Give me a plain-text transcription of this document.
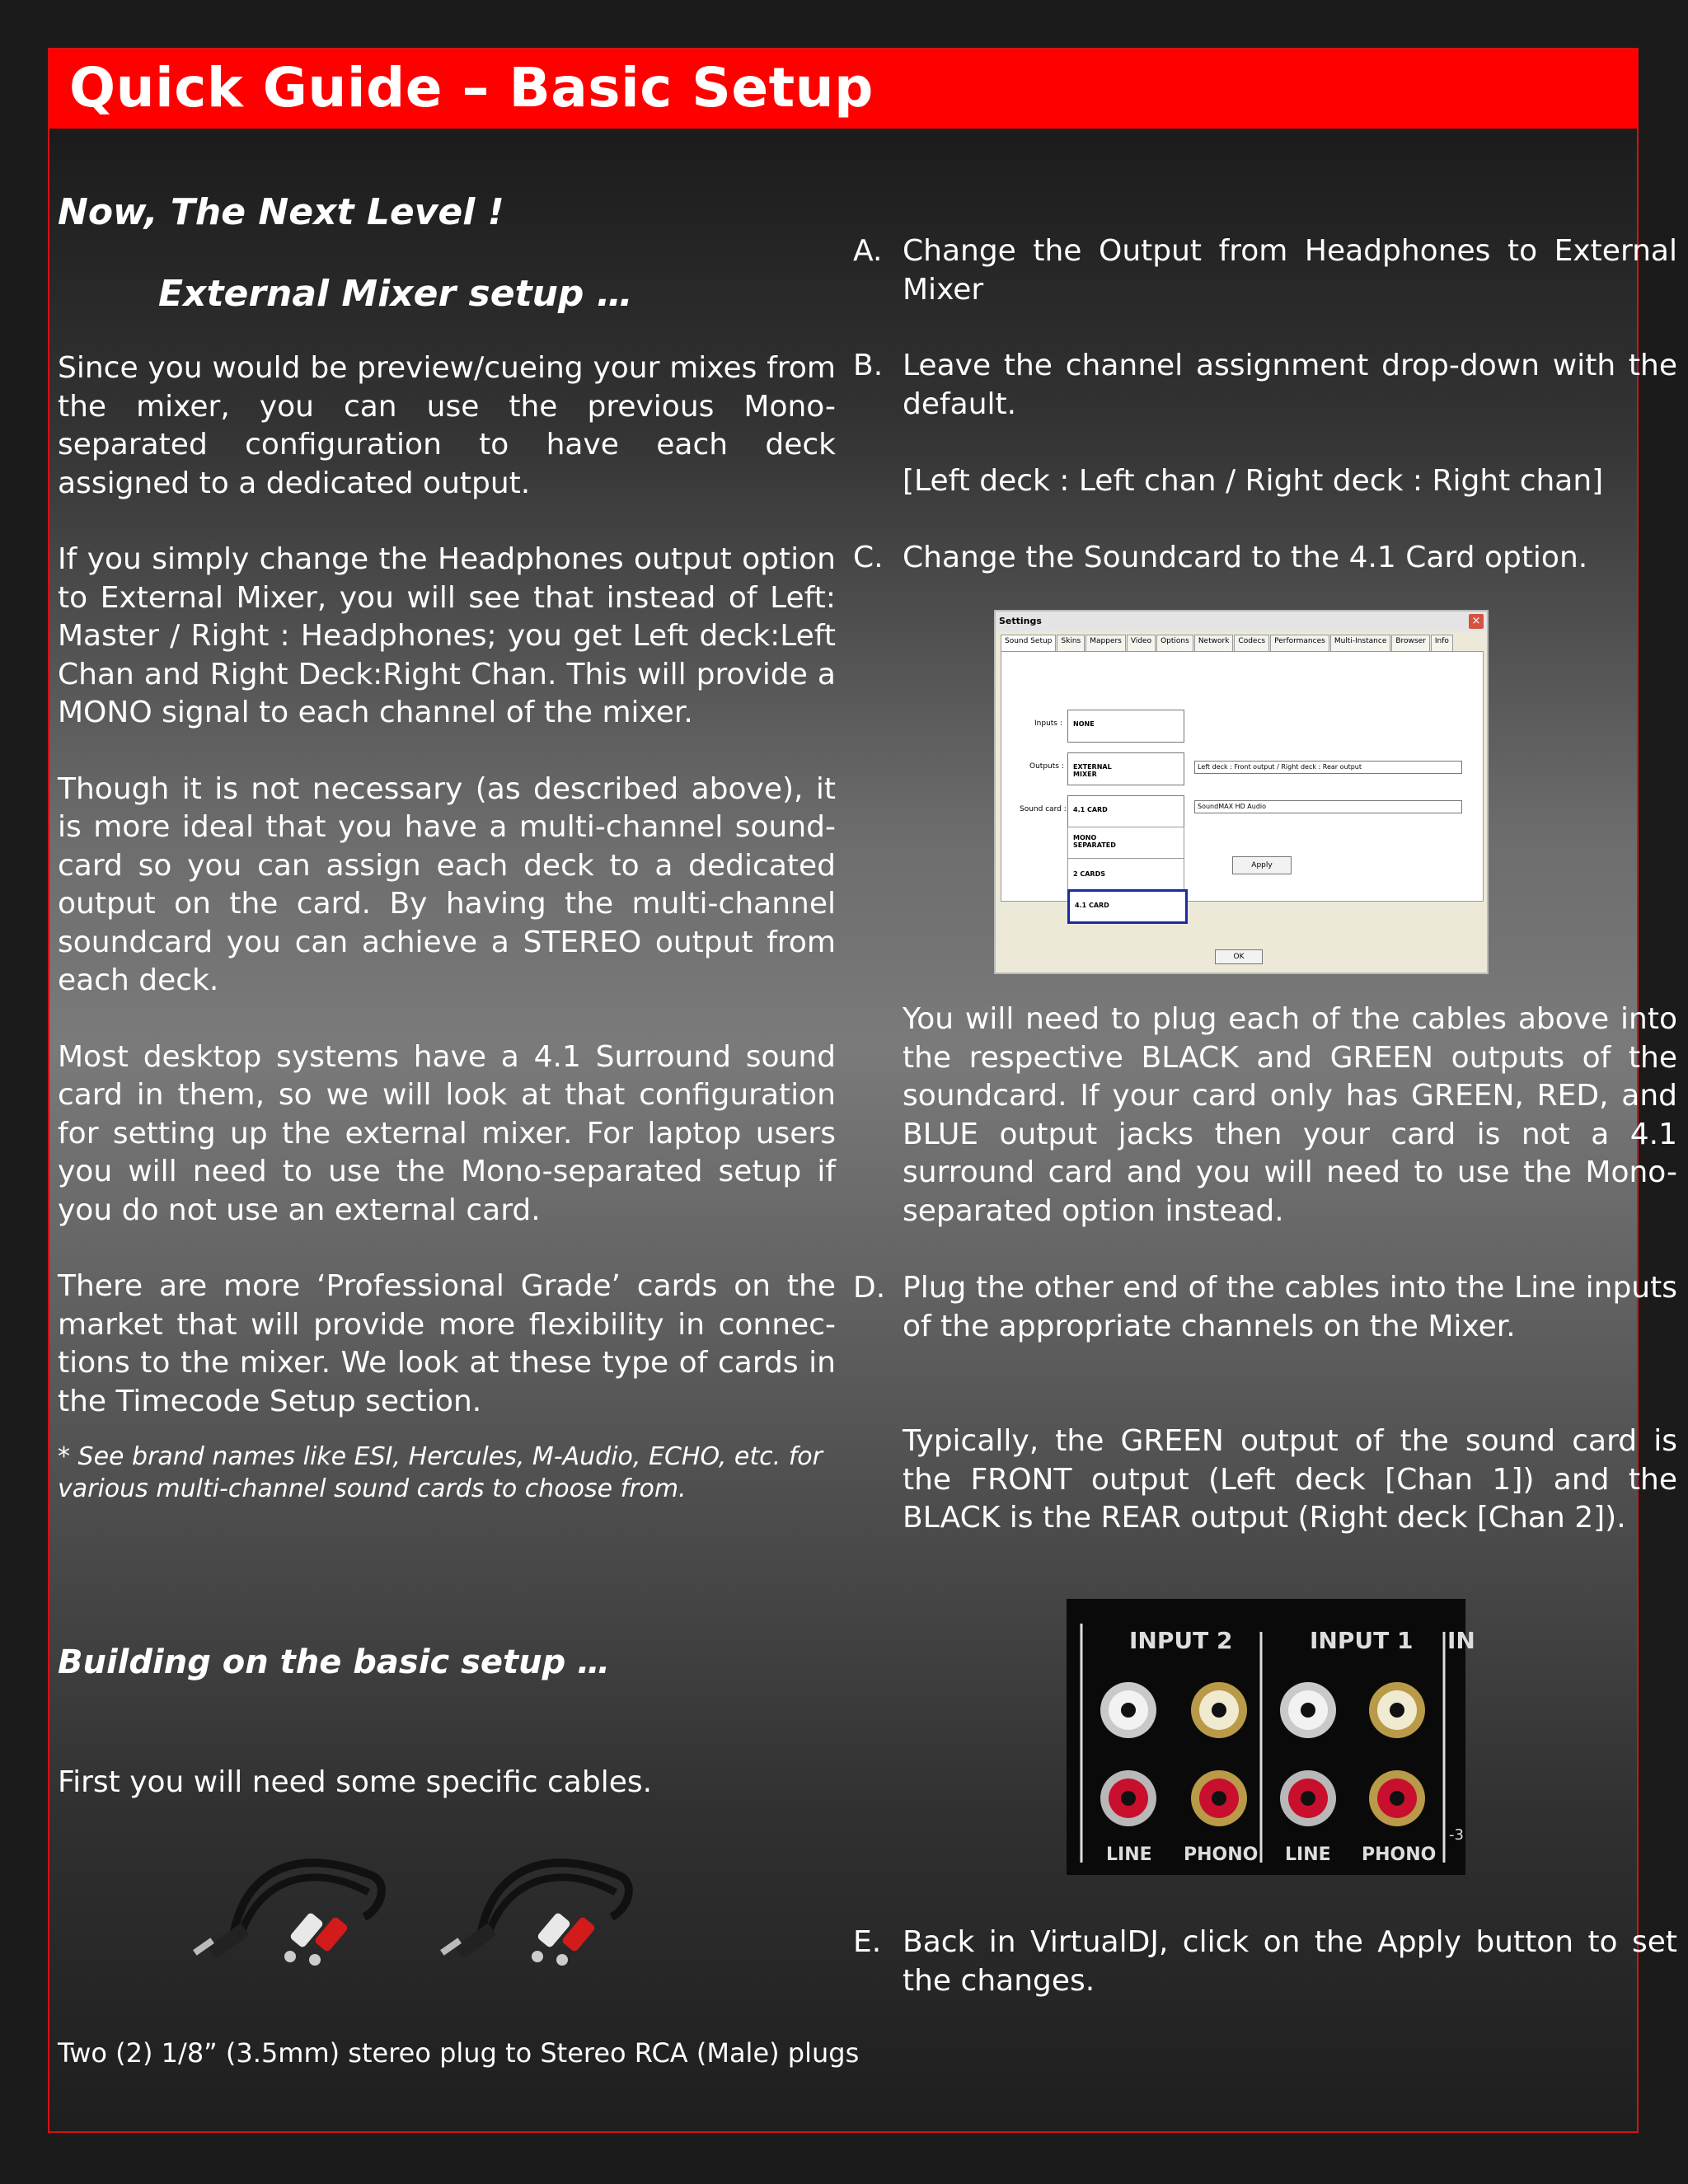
Quick Guide – Basic Setup

Now, The Next Level !

External Mixer setup …

Since you would be preview/cueing your mixes from the mixer, you can use the previous Mono-separated configuration to have each deck assigned to a dedicated output.

If you simply change the Headphones output option to External Mixer, you will see that instead of Left: Master / Right : Headphones; you get Left deck:Left Chan and Right Deck:Right Chan. This will provide a MONO signal to each channel of the mixer.

Though it is not necessary (as described above), it is more ideal that you have a multi-channel sound-card so you can assign each deck to a dedicated output on the card. By having the multi-channel soundcard you can achieve a STEREO output from each deck.

Most desktop systems have a 4.1 Surround sound card in them, so we will look at that configuration for setting up the external mixer. For laptop users you will need to use the Mono-separated setup if you do not use an external card.

There are more ‘Professional Grade’ cards on the market that will provide more flexibility in connec-tions to the mixer. We look at these type of cards in the Timecode Setup section.

* See brand names like ESI, Hercules, M-Audio, ECHO, etc. for various multi-channel sound cards to choose from.

Building on the basic setup …

First you will need some specific cables.

Two (2) 1/8” (3.5mm) stereo plug to Stereo RCA (Male) plugs

A. Change the Output from Headphones to External Mixer
B. Leave the channel assignment drop-down with the default.
[Left deck : Left chan / Right deck : Right chan]
C. Change the Soundcard to the 4.1 Card option.
Settings	×
Sound Setup	Skins	Mappers	Video	Options	Network	Codecs	Performances	Multi-Instance	Browser	Info
Inputs : NONE
Outputs : EXTERNAL MIXER
Left deck : Front output / Right deck : Rear output
Sound card : 4.1 CARD	SoundMAX HD Audio
MONO SEPARATED
2 CARDS
4.1 CARD
Apply
OK
You will need to plug each of the cables above into the respective BLACK and GREEN outputs of the soundcard. If your card only has GREEN, RED, and BLUE output jacks then your card is not a 4.1 surround card and you will need to use the Mono-separated option instead.
D. Plug the other end of the cables into the Line inputs of the appropriate channels on the Mixer.
Typically, the GREEN output of the sound card is the FRONT output (Left deck [Chan 1]) and the BLACK is the REAR output (Right deck [Chan 2]).
INPUT 2	INPUT 1 IN
LINE PHONO LINE PHONO
-3
E. Back in VirtualDJ, click on the Apply button to set the changes.
